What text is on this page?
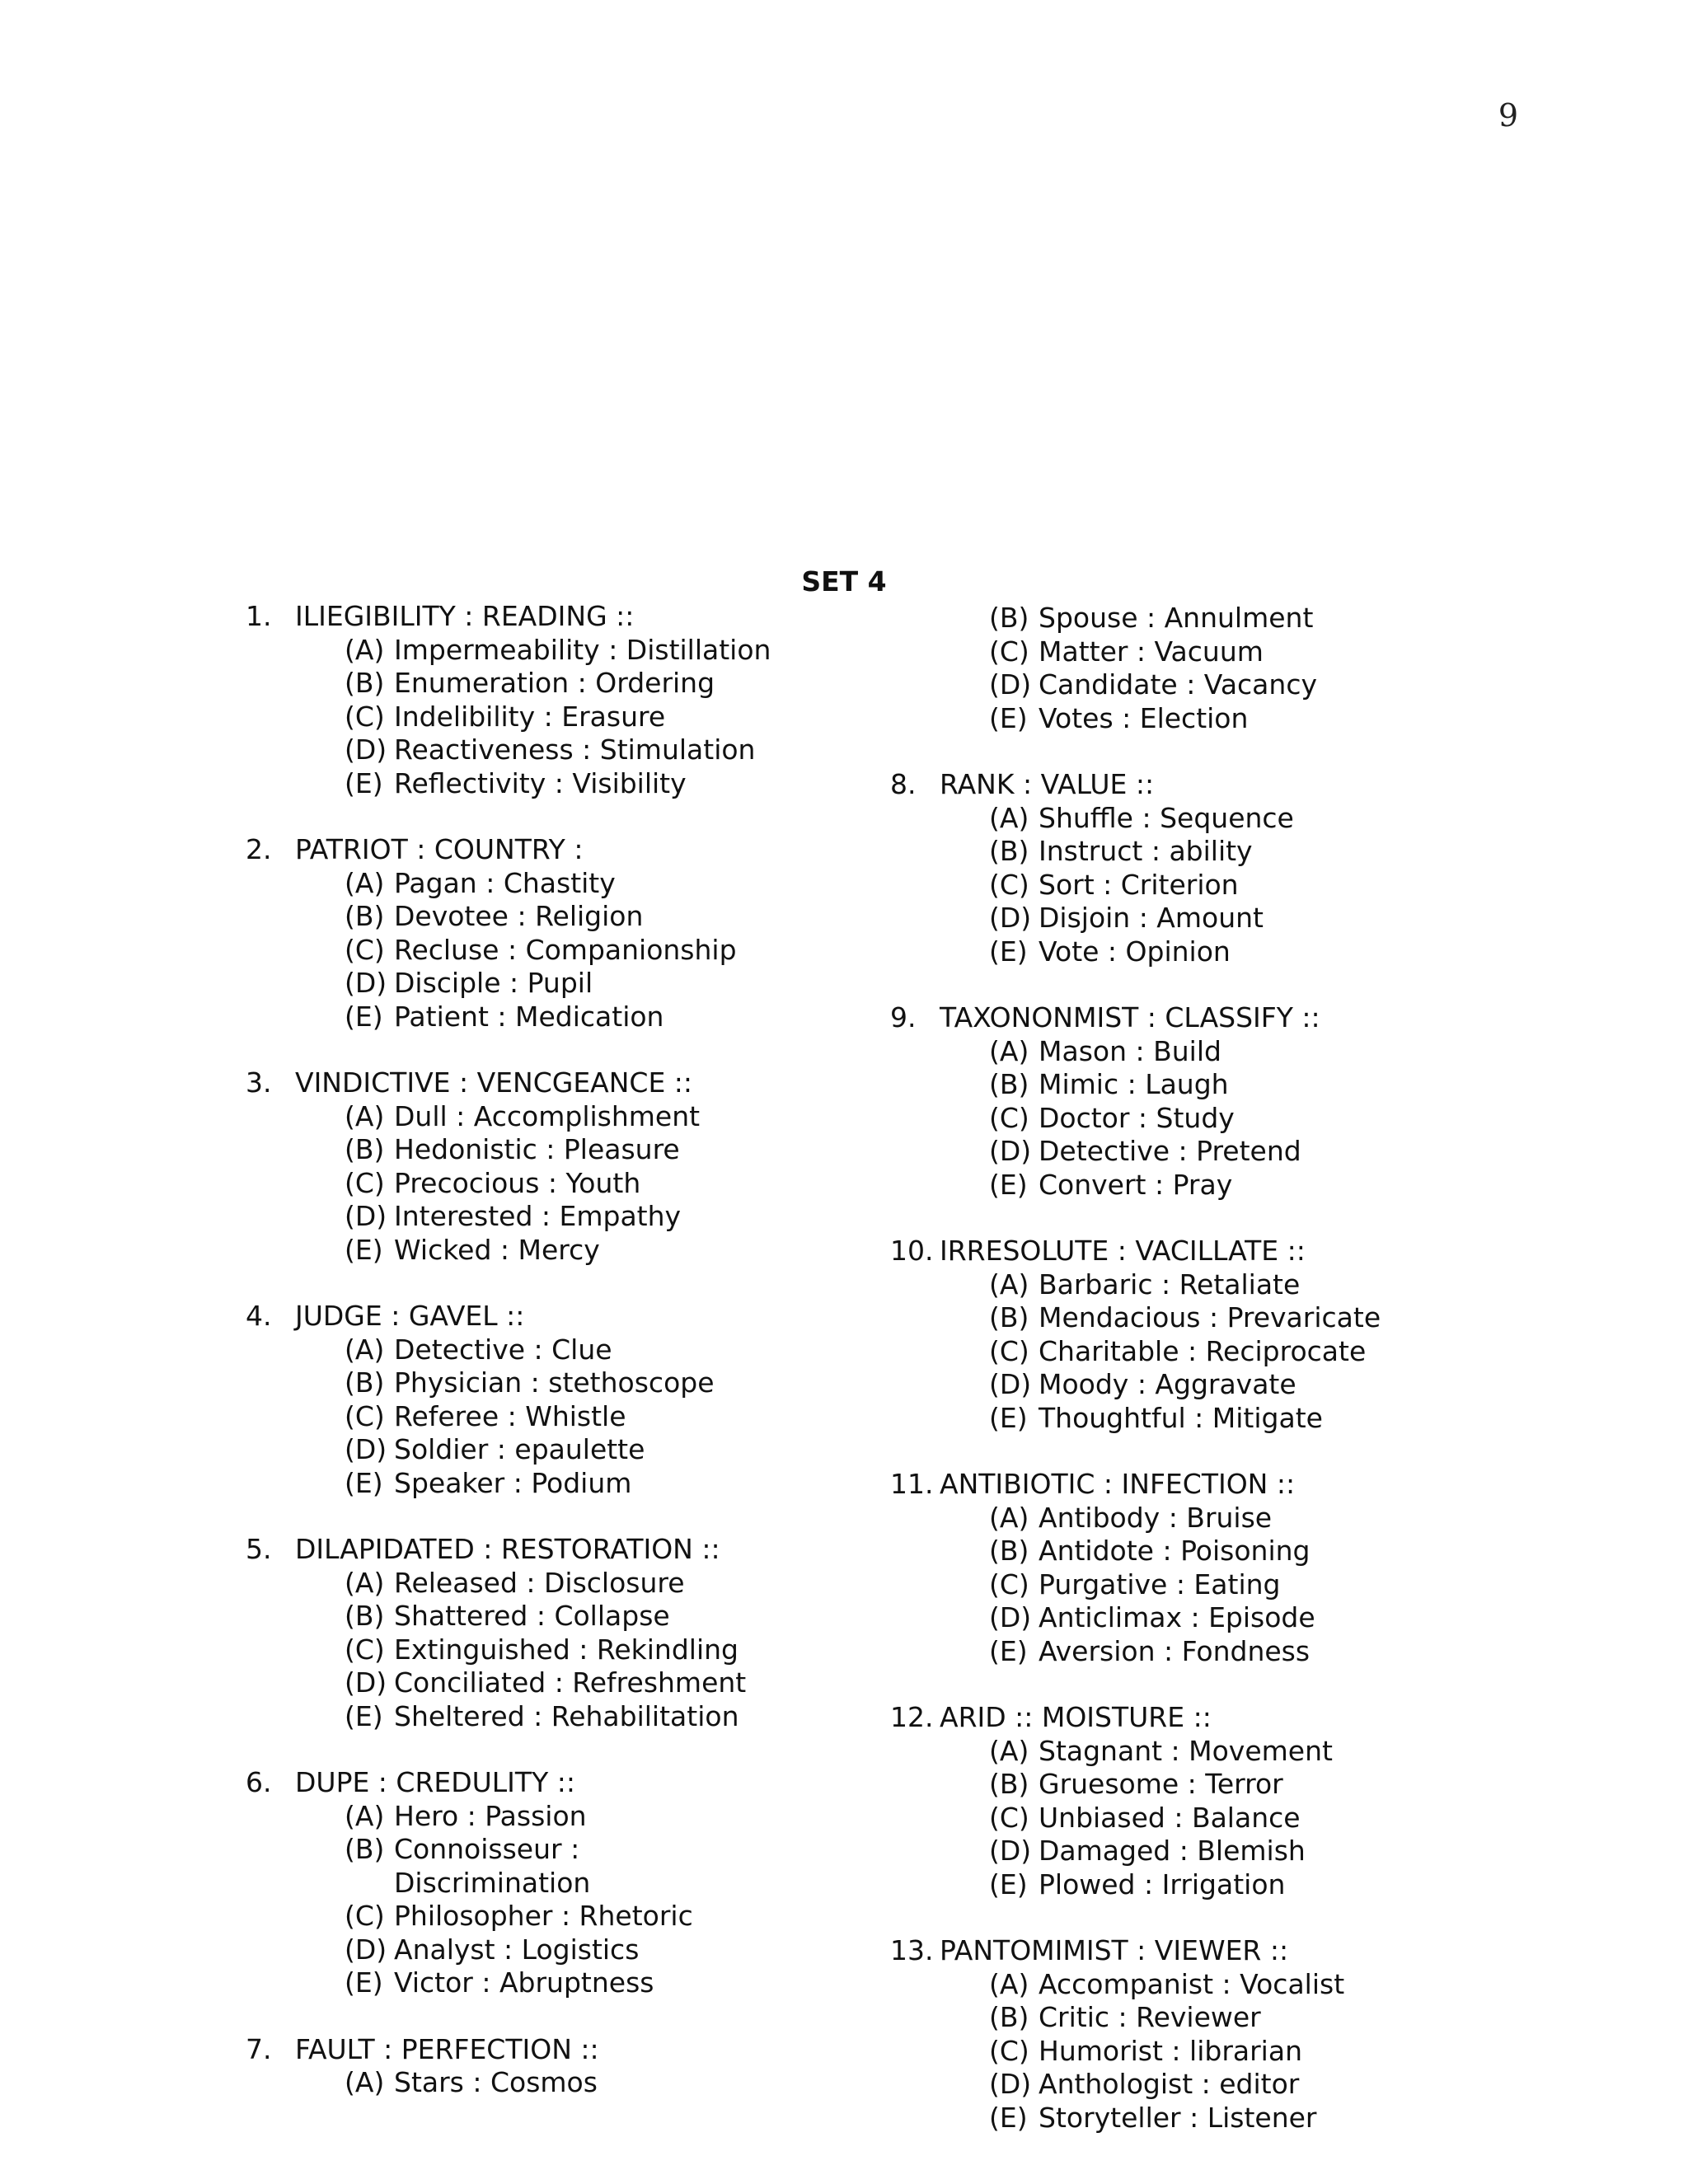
9
SET 4
1. ILIEGIBILITY : READING ::
(A) Impermeability : Distillation
(B) Enumeration : Ordering
(C) Indelibility : Erasure
(D) Reactiveness : Stimulation
(E) Reflectivity : Visibility
2. PATRIOT : COUNTRY :
(A) Pagan : Chastity
(B) Devotee : Religion
(C) Recluse : Companionship
(D) Disciple : Pupil
(E) Patient : Medication
3. VINDICTIVE : VENCGEANCE ::
(A) Dull : Accomplishment
(B) Hedonistic : Pleasure
(C) Precocious : Youth
(D) Interested : Empathy
(E) Wicked : Mercy
4. JUDGE : GAVEL ::
(A) Detective : Clue
(B) Physician : stethoscope
(C) Referee : Whistle
(D) Soldier : epaulette
(E) Speaker : Podium
5. DILAPIDATED : RESTORATION ::
(A) Released : Disclosure
(B) Shattered : Collapse
(C) Extinguished : Rekindling
(D) Conciliated : Refreshment
(E) Sheltered : Rehabilitation
6. DUPE : CREDULITY ::
(A) Hero : Passion
(B) Connoisseur :
Discrimination
(C) Philosopher : Rhetoric
(D) Analyst : Logistics
(E) Victor : Abruptness
7. FAULT : PERFECTION ::
(A) Stars : Cosmos
(B) Spouse : Annulment
(C) Matter : Vacuum
(D) Candidate : Vacancy
(E) Votes : Election
8. RANK : VALUE ::
(A) Shuffle : Sequence
(B) Instruct : ability
(C) Sort : Criterion
(D) Disjoin : Amount
(E) Vote : Opinion
9. TAXONONMIST : CLASSIFY ::
(A) Mason : Build
(B) Mimic : Laugh
(C) Doctor : Study
(D) Detective : Pretend
(E) Convert : Pray
10. IRRESOLUTE : VACILLATE ::
(A) Barbaric : Retaliate
(B) Mendacious : Prevaricate
(C) Charitable : Reciprocate
(D) Moody : Aggravate
(E) Thoughtful : Mitigate
11. ANTIBIOTIC : INFECTION ::
(A) Antibody : Bruise
(B) Antidote : Poisoning
(C) Purgative : Eating
(D) Anticlimax : Episode
(E) Aversion : Fondness
12. ARID :: MOISTURE ::
(A) Stagnant : Movement
(B) Gruesome : Terror
(C) Unbiased : Balance
(D) Damaged : Blemish
(E) Plowed : Irrigation
13. PANTOMIMIST : VIEWER ::
(A) Accompanist : Vocalist
(B) Critic : Reviewer
(C) Humorist : librarian
(D) Anthologist : editor
(E) Storyteller : Listener
